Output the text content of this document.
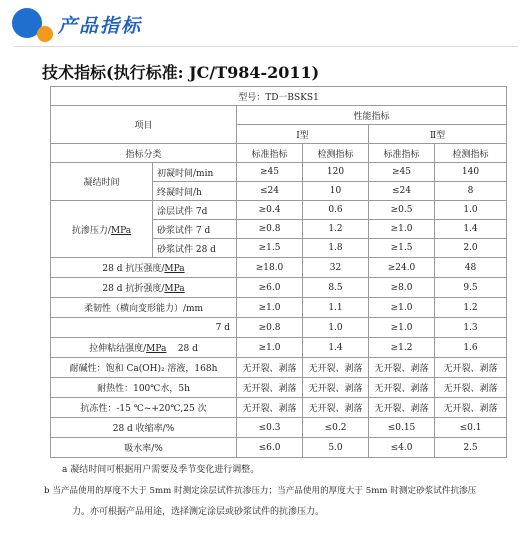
产品指标
技术指标(执行标准: JC/T984-2011)
型号：TD一BSKS1					
项目		性能指标			
		Ⅰ型		Ⅱ型	
指标分类		标准指标	检测指标	标准指标	检测指标
凝结时间	初凝时间/min	≥45	120	≥45	140
	终凝时间/h	≤24	10	≤24	8
抗渗压力/MPa	涂层试件 7d	≥0.4	0.6	≥0.5	1.0
	砂浆试件 7 d	≥0.8	1.2	≥1.0	1.4
	砂浆试件 28 d	≥1.5	1.8	≥1.5	2.0
28 d 抗压强度/MPa		≥18.0	32	≥24.0	48
28 d 抗折强度/MPa		≥6.0	8.5	≥8.0	9.5
柔韧性（横向变形能力）/mm		≥1.0	1.1	≥1.0	1.2
7 d		≥0.8	1.0	≥1.0	1.3
拉伸粘结强度/MPa 28 d		≥1.0	1.4	≥1.2	1.6
耐碱性：饱和 Ca(OH)₂ 溶液，168h		无开裂、剥落	无开裂、剥落	无开裂、剥落	无开裂、剥落
耐热性：100℃水，5h		无开裂、剥落	无开裂、剥落	无开裂、剥落	无开裂、剥落
抗冻性：-15 ℃~+20℃,25 次		无开裂、剥落	无开裂、剥落	无开裂、剥落	无开裂、剥落
28 d 收缩率/%		≤0.3	≤0.2	≤0.15	≤0.1
吸水率/%		≤6.0	5.0	≤4.0	2.5

a 凝结时间可根据用户需要及季节变化进行调整。

b 当产品使用的厚度不大于 5mm 时测定涂层试件抗渗压力；当产品使用的厚度大于 5mm 时测定砂浆试件抗渗压

力。亦可根据产品用途，选择测定涂层或砂浆试件的抗渗压力。
